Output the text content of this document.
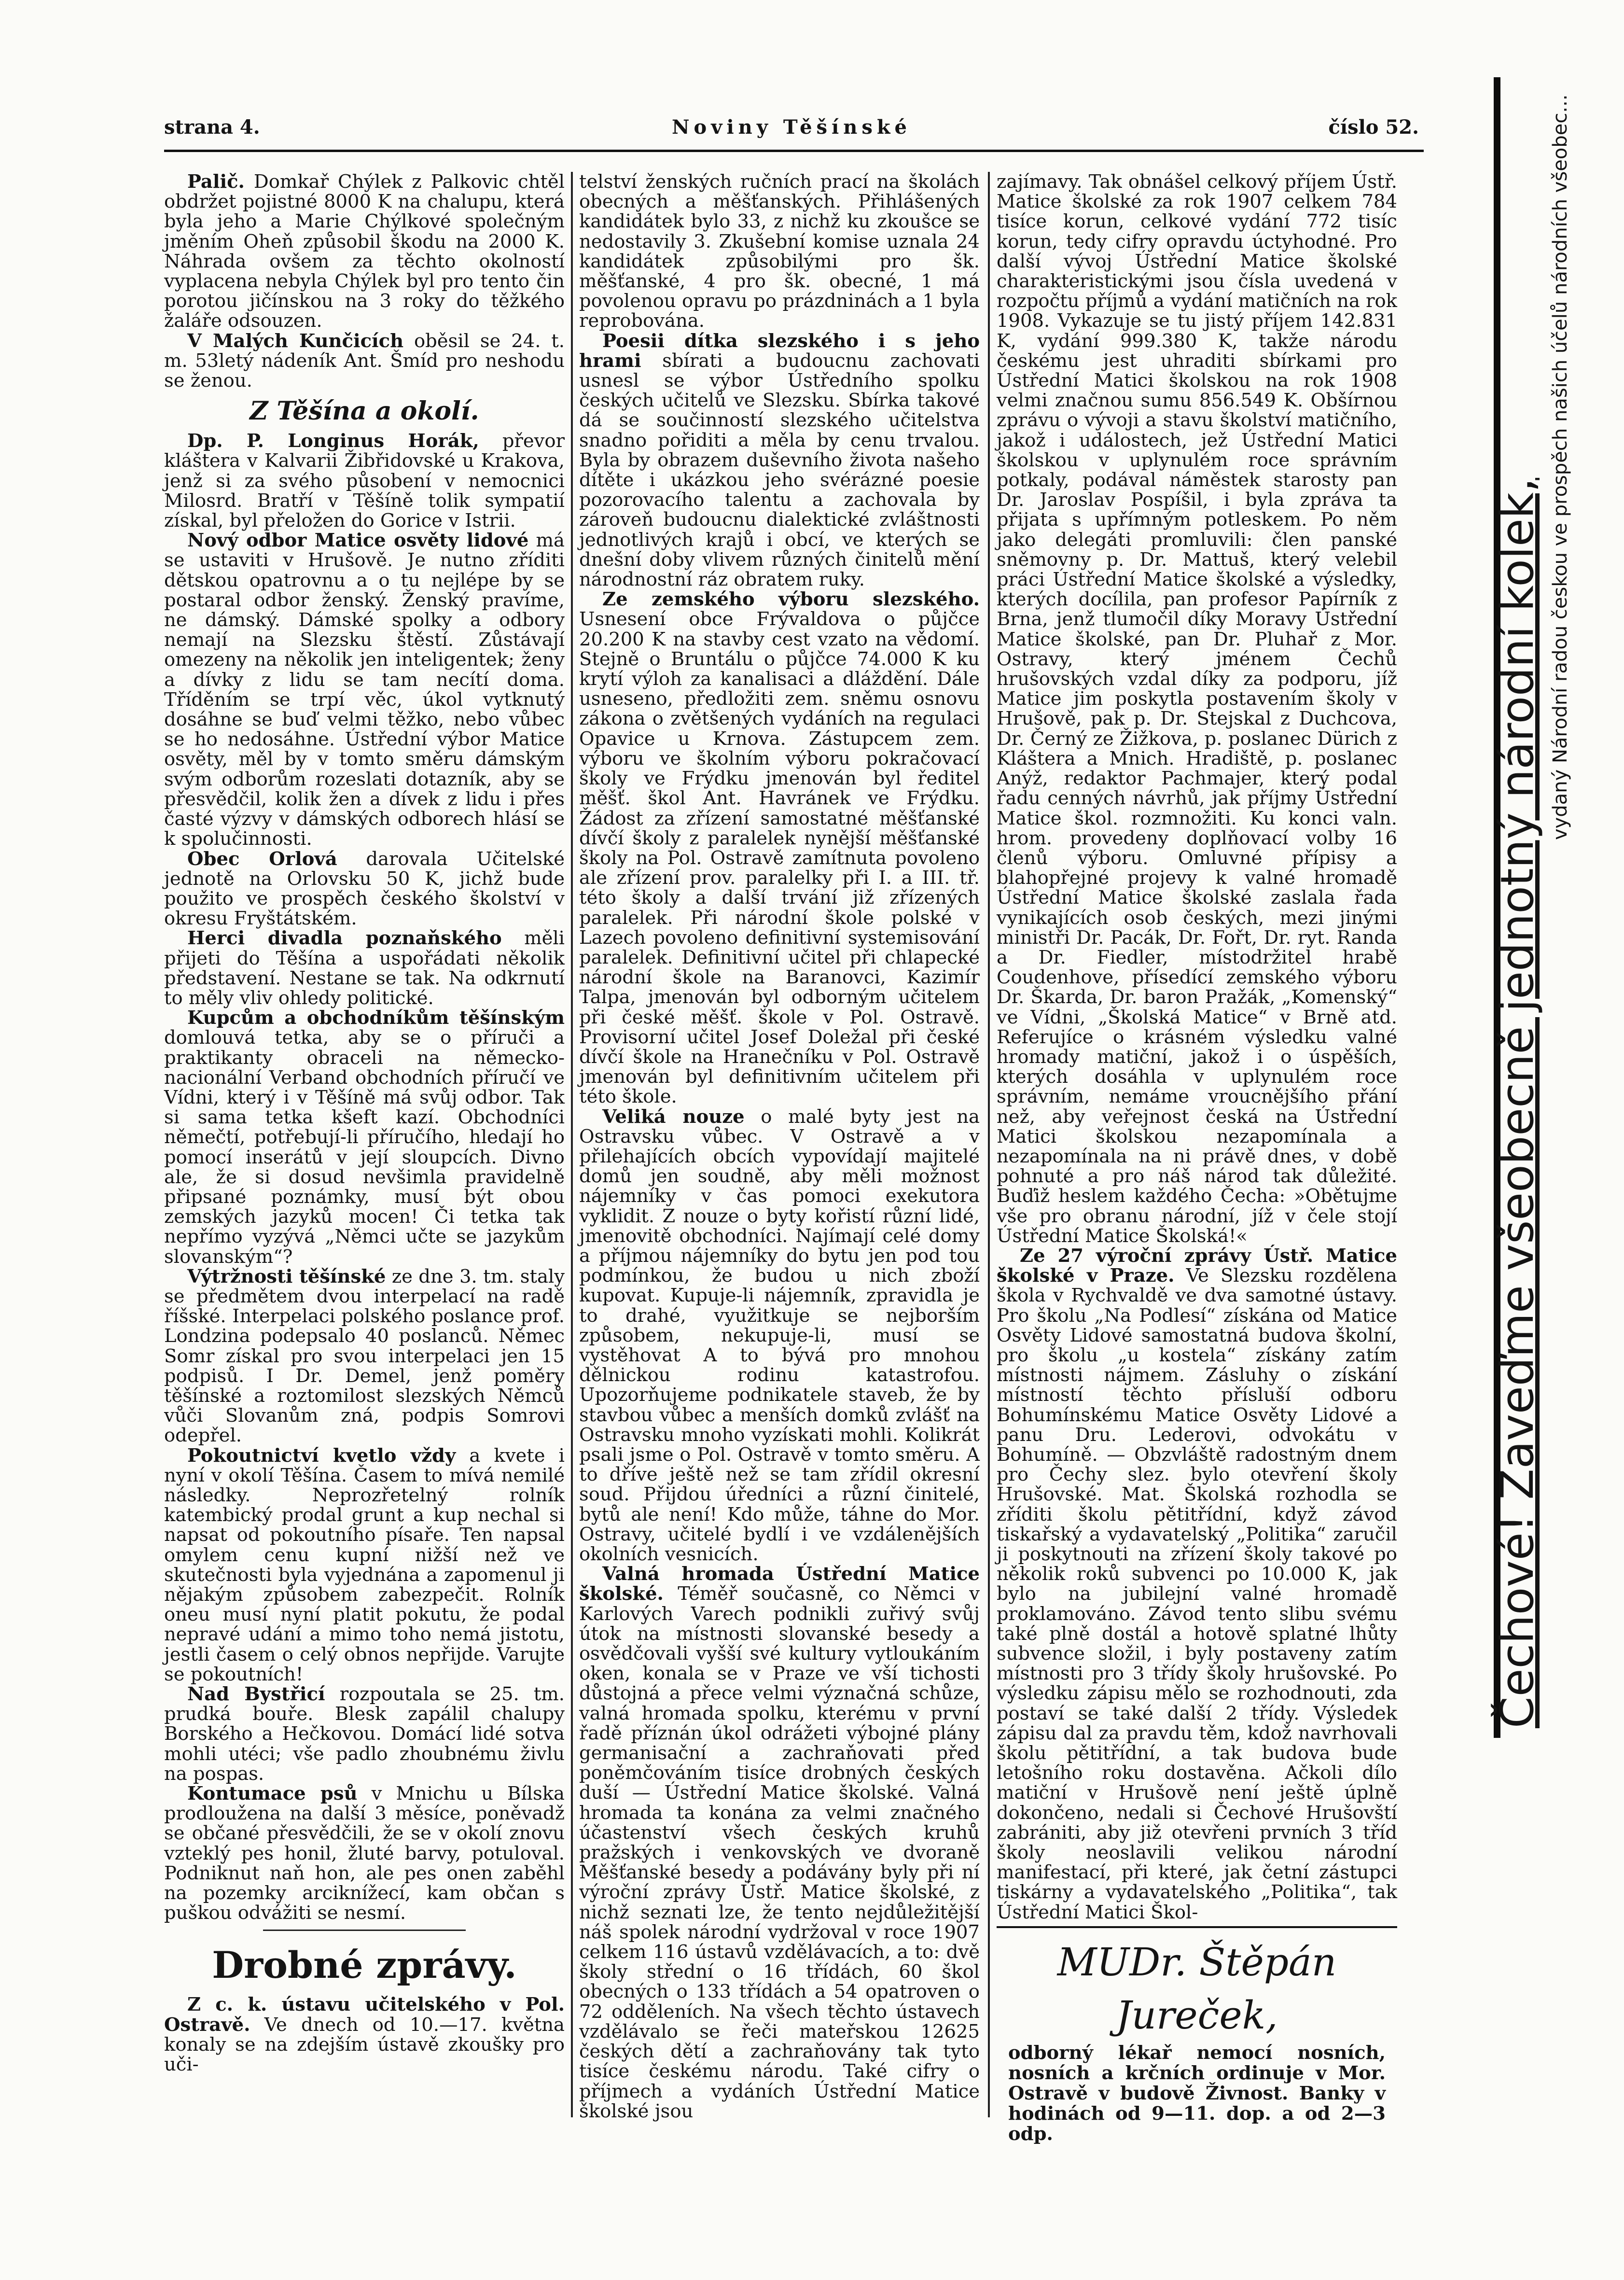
strana 4.	Noviny Těšínské	číslo 52.

Palič. Domkař Chýlek z Palkovic chtěl obdržet pojistné 8000 K na chalupu, která byla jeho a Marie Chýlkové společným jměním Oheň způsobil škodu na 2000 K. Náhrada ovšem za těchto okolností vyplacena nebyla Chýlek byl pro tento čin porotou jičínskou na 3 roky do těžkého žaláře odsouzen.

V Malých Kunčicích oběsil se 24. t. m. 53letý nádeník Ant. Šmíd pro neshodu se ženou.

Z Těšína a okolí.

Dp. P. Longinus Horák, převor kláštera v Kalvarii Žibřidovské u Krakova, jenž si za svého působení v nemocnici Milosrd. Bratří v Těšíně tolik sympatií získal, byl přeložen do Gorice v Istrii.

Nový odbor Matice osvěty lidové má se ustaviti v Hrušově. Je nutno zříditi dětskou opatrovnu a o tu nejlépe by se postaral odbor ženský. Ženský pravíme, ne dámský. Dámské spolky a odbory nemají na Slezsku štěstí. Zůstávají omezeny na několik jen inteligentek; ženy a dívky z lidu se tam necítí doma. Tříděním se trpí věc, úkol vytknutý dosáhne se buď velmi těžko, nebo vůbec se ho nedosáhne. Ústřední výbor Matice osvěty, měl by v tomto směru dámským svým odborům rozeslati dotazník, aby se přesvědčil, kolik žen a dívek z lidu i přes časté výzvy v dámských odborech hlásí se k spolučinnosti.

Obec Orlová darovala Učitelské jednotě na Orlovsku 50 K, jichž bude použito ve prospěch českého školství v okresu Fryštátském.

Herci divadla poznaňského měli přijeti do Těšína a uspořádati několik představení. Nestane se tak. Na odkrnutí to měly vliv ohledy politické.

Kupcům a obchodníkům těšínským domlouvá tetka, aby se o příruči a praktikanty obraceli na německo-nacionální Verband obchodních příručí ve Vídni, který i v Těšíně má svůj odbor. Tak si sama tetka kšeft kazí. Obchodníci němečtí, potřebují-li příručího, hledají ho pomocí inserátů v její sloupcích. Divno ale, že si dosud nevšimla pravidelně připsané poznámky, musí být obou zemských jazyků mocen! Či tetka tak nepřímo vyzývá „Němci učte se jazykům slovanským“?

Výtržnosti těšínské ze dne 3. tm. staly se předmětem dvou interpelací na radě říšské. Interpelaci polského poslance prof. Londzina podepsalo 40 poslanců. Němec Somr získal pro svou interpelaci jen 15 podpisů. I Dr. Demel, jenž poměry těšínské a roztomilost slezských Němců vůči Slovanům zná, podpis Somrovi odepřel.

Pokoutnictví kvetlo vždy a kvete i nyní v okolí Těšína. Časem to mívá nemilé následky. Neprozřetelný rolník katembický prodal grunt a kup nechal si napsat od pokoutního písaře. Ten napsal omylem cenu kupní nižší než ve skutečnosti byla vyjednána a zapomenul ji nějakým způsobem zabezpečit. Rolník oneu musí nyní platit pokutu, že podal nepravé udání a mimo toho nemá jistotu, jestli časem o celý obnos nepřijde. Varujte se pokoutních!

Nad Bystřicí rozpoutala se 25. tm. prudká bouře. Blesk zapálil chalupy Borského a Hečkovou. Domácí lidé sotva mohli utéci; vše padlo zhoubnému živlu na pospas.

Kontumace psů v Mnichu u Bílska prodloužena na další 3 měsíce, poněvadž se občané přesvědčili, že se v okolí znovu vzteklý pes honil, žluté barvy, potuloval. Podniknut naň hon, ale pes onen zaběhl na pozemky arciknížecí, kam občan s puškou odvážiti se nesmí.

Drobné zprávy.

Z c. k. ústavu učitelského v Pol. Ostravě. Ve dnech od 10.—17. května konaly se na zdejším ústavě zkoušky pro uči-

telství ženských ručních prací na školách obecných a měšťanských. Přihlášených kandidátek bylo 33, z nichž ku zkoušce se nedostavily 3. Zkušební komise uznala 24 kandidátek způsobilými pro šk. měšťanské, 4 pro šk. obecné, 1 má povolenou opravu po prázdninách a 1 byla reprobována.

Poesii dítka slezského i s jeho hrami sbírati a budoucnu zachovati usnesl se výbor Ústředního spolku českých učitelů ve Slezsku. Sbírka takové dá se součinností slezského učitelstva snadno pořiditi a měla by cenu trvalou. Byla by obrazem duševního života našeho dítěte i ukázkou jeho svérázné poesie pozorovacího talentu a zachovala by zároveň budoucnu dialektické zvláštnosti jednotlivých krajů i obcí, ve kterých se dnešní doby vlivem různých činitelů mění národnostní ráz obratem ruky.

Ze zemského výboru slezského. Usnesení obce Frývaldova o půjčce 20.200 K na stavby cest vzato na vědomí. Stejně o Bruntálu o půjčce 74.000 K ku krytí výloh za kanalisaci a dláždění. Dále usneseno, předložiti zem. sněmu osnovu zákona o zvětšených vydáních na regulaci Opavice u Krnova. Zástupcem zem. výboru ve školním výboru pokračovací školy ve Frýdku jmenován byl ředitel měšť. škol Ant. Havránek ve Frýdku. Žádost za zřízení samostatné měšťanské dívčí školy z paralelek nynější měšťanské školy na Pol. Ostravě zamítnuta povoleno ale zřízení prov. paralelky při I. a III. tř. této školy a další trvání již zřízených paralelek. Při národní škole polské v Lazech povoleno definitivní systemisování paralelek. Definitivní učitel při chlapecké národní škole na Baranovci, Kazimír Talpa, jmenován byl odborným učitelem při české měšť. škole v Pol. Ostravě. Provisorní učitel Josef Doležal při české dívčí škole na Hranečníku v Pol. Ostravě jmenován byl definitivním učitelem při této škole.

Veliká nouze o malé byty jest na Ostravsku vůbec. V Ostravě a v přilehajících obcích vypovídají majitelé domů jen soudně, aby měli možnost nájemníky v čas pomoci exekutora vyklidit. Z nouze o byty kořistí různí lidé, jmenovitě obchodníci. Najímají celé domy a příjmou nájemníky do bytu jen pod tou podmínkou, že budou u nich zboží kupovat. Kupuje-li nájemník, zpravidla je to drahé, využitkuje se nejborším způsobem, nekupuje-li, musí se vystěhovat A to bývá pro mnohou dělnickou rodinu katastrofou. Upozorňujeme podnikatele staveb, že by stavbou vůbec a menších domků zvlášť na Ostravsku mnoho vyzískati mohli. Kolikrát psali jsme o Pol. Ostravě v tomto směru. A to dříve ještě než se tam zřídil okresní soud. Přijdou úředníci a různí činitelé, bytů ale není! Kdo může, táhne do Mor. Ostravy, učitelé bydlí i ve vzdálenějších okolních vesnicích.

Valná hromada Ústřední Matice školské. Téměř současně, co Němci v Karlových Varech podnikli zuřivý svůj útok na místnosti slovanské besedy a osvědčovali vyšší své kultury vytloukáním oken, konala se v Praze ve vší tichosti důstojná a přece velmi význačná schůze, valná hromada spolku, kterému v první řadě příznán úkol odrážeti výbojné plány germanisační a zachraňovati před poněmčováním tisíce drobných českých duší — Ústřední Matice školské. Valná hromada ta konána za velmi značného účastenství všech českých kruhů pražských i venkovských ve dvoraně Měšťanské besedy a podávány byly při ní výroční zprávy Ústř. Matice školské, z nichž seznati lze, že tento nejdůležitější náš spolek národní vydržoval v roce 1907 celkem 116 ústavů vzdělávacích, a to: dvě školy střední o 16 třídách, 60 škol obecných o 133 třídách a 54 opatroven o 72 odděleních. Na všech těchto ústavech vzdělávalo se řeči mateřskou 12625 českých dětí a zachraňovány tak tyto tisíce českému národu. Také cifry o příjmech a vydáních Ústřední Matice školské jsou

zajímavy. Tak obnášel celkový příjem Ústř. Matice školské za rok 1907 celkem 784 tisíce korun, celkové vydání 772 tisíc korun, tedy cifry opravdu úctyhodné. Pro další vývoj Ústřední Matice školské charakteristickými jsou čísla uvedená v rozpočtu příjmů a vydání matičních na rok 1908. Vykazuje se tu jistý příjem 142.831 K, vydání 999.380 K, takže národu českému jest uhraditi sbírkami pro Ústřední Matici školskou na rok 1908 velmi značnou sumu 856.549 K. Obšírnou zprávu o vývoji a stavu školství matičního, jakož i událostech, jež Ústřední Matici školskou v uplynulém roce správním potkaly, podával náměstek starosty pan Dr. Jaroslav Pospíšil, i byla zpráva ta přijata s upřímným potleskem. Po něm jako delegáti promluvili: člen panské sněmovny p. Dr. Mattuš, který velebil práci Ústřední Matice školské a výsledky, kterých docílila, pan profesor Papírník z Brna, jenž tlumočil díky Moravy Ústřední Matice školské, pan Dr. Pluhař z Mor. Ostravy, který jménem Čechů hrušovských vzdal díky za podporu, jíž Matice jim poskytla postavením školy v Hrušově, pak p. Dr. Stejskal z Duchcova, Dr. Černý ze Žižkova, p. poslanec Dürich z Kláštera a Mnich. Hradiště, p. poslanec Anýž, redaktor Pachmajer, který podal řadu cenných návrhů, jak příjmy Ústřední Matice škol. rozmnožiti. Ku konci valn. hrom. provedeny doplňovací volby 16 členů výboru. Omluvné přípisy a blahopřejné projevy k valné hromadě Ústřední Matice školské zaslala řada vynikajících osob českých, mezi jinými ministři Dr. Pacák, Dr. Fořt, Dr. ryt. Randa a Dr. Fiedler, místodržitel hrabě Coudenhove, přísedící zemského výboru Dr. Škarda, Dr. baron Pražák, „Komenský“ ve Vídni, „Školská Matice“ v Brně atd. Referujíce o krásném výsledku valné hromady matiční, jakož i o úspěších, kterých dosáhla v uplynulém roce správním, nemáme vroucnějšího přání než, aby veřejnost česká na Ústřední Matici školskou nezapomínala a nezapomínala na ni právě dnes, v době pohnuté a pro náš národ tak důležité. Buďiž heslem každého Čecha: »Obětujme vše pro obranu národní, jíž v čele stojí Ústřední Matice Školská!«

Ze 27 výroční zprávy Ústř. Matice školské v Praze. Ve Slezsku rozdělena škola v Rychvaldě ve dva samotné ústavy. Pro školu „Na Podlesí“ získána od Matice Osvěty Lidové samostatná budova školní, pro školu „u kostela“ získány zatím místnosti nájmem. Zásluhy o získání místností těchto přísluší odboru Bohumínskému Matice Osvěty Lidové a panu Dru. Lederovi, odvokátu v Bohumíně. — Obzvláště radostným dnem pro Čechy slez. bylo otevření školy Hrušovské. Mat. Školská rozhodla se zříditi školu pětitřídní, když závod tiskařský a vydavatelský „Politika“ zaručil ji poskytnouti na zřízení školy takové po několik roků subvenci po 10.000 K, jak bylo na jubilejní valné hromadě proklamováno. Závod tento slibu svému také plně dostál a hotově splatné lhůty subvence složil, i byly postaveny zatím místnosti pro 3 třídy školy hrušovské. Po výsledku zápisu mělo se rozhodnouti, zda postaví se také další 2 třídy. Výsledek zápisu dal za pravdu těm, kdož navrhovali školu pětitřídní, a tak budova bude letošního roku dostavěna. Ačkoli dílo matiční v Hrušově není ještě úplně dokončeno, nedali si Čechové Hrušovští zabrániti, aby již otevřeni prvních 3 tříd školy neoslavili velikou národní manifestací, při které, jak četní zástupci tiskárny a vydavatelského „Politika“, tak Ústřední Matici Škol-

MUDr. Štěpán Jureček,

odborný lékař nemocí nosních, nosních a krčních ordinuje v Mor. Ostravě v budově Živnost. Banky v hodinách od 9—11. dop. a od 2—3 odp.

Čechové! Zaveďme všeobecně jednotný národní kolek,
vydaný Národní radou českou ve prospěch našich účelů národních všeobec...
